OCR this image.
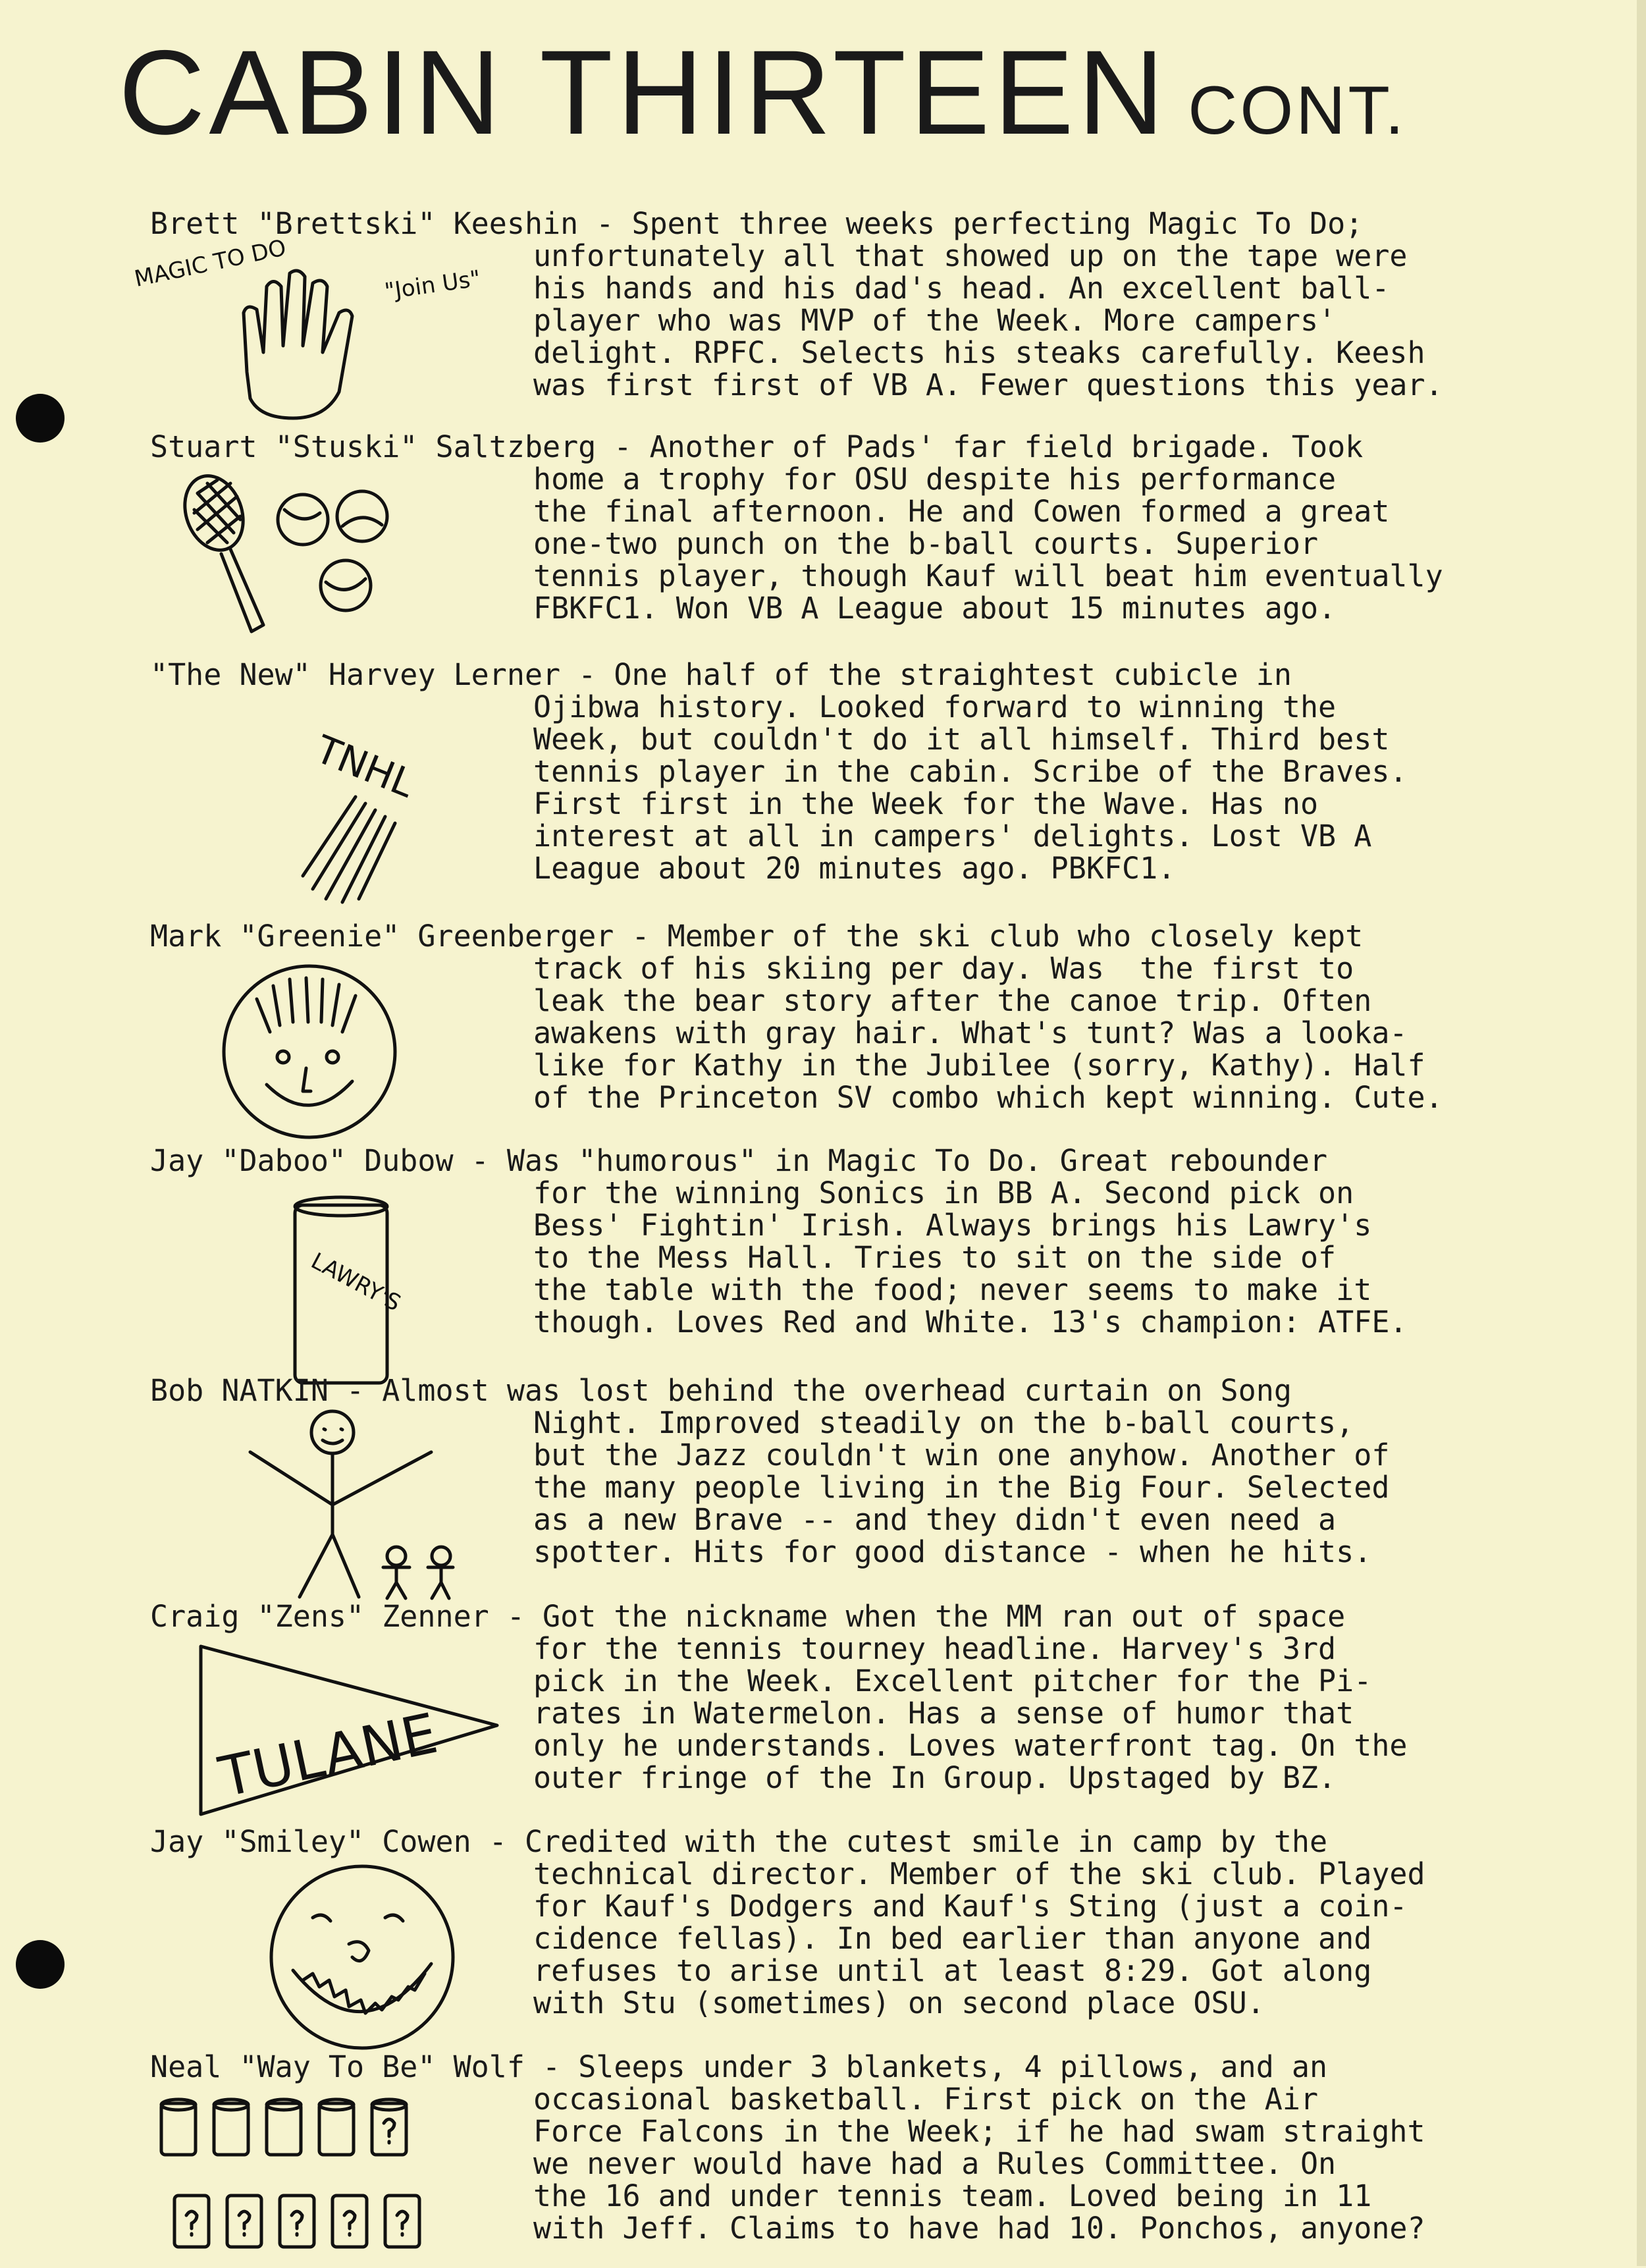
CABIN THIRTEEN CONT.
Brett "Brettski" Keeshin - Spent three weeks perfecting Magic To Do;
unfortunately all that showed up on the tape were
his hands and his dad's head. An excellent ball-
player who was MVP of the Week. More campers'
delight. RPFC. Selects his steaks carefully. Keesh
was first first of VB A. Fewer questions this year.
MAGIC TO DO	"Join Us"
Stuart "Stuski" Saltzberg - Another of Pads' far field brigade. Took
home a trophy for OSU despite his performance
the final afternoon. He and Cowen formed a great
one-two punch on the b-ball courts. Superior
tennis player, though Kauf will beat him eventually
FBKFC1. Won VB A League about 15 minutes ago.
"The New" Harvey Lerner - One half of the straightest cubicle in
Ojibwa history. Looked forward to winning the
Week, but couldn't do it all himself. Third best
tennis player in the cabin. Scribe of the Braves.
First first in the Week for the Wave. Has no
interest at all in campers' delights. Lost VB A
League about 20 minutes ago. PBKFC1.
TNHL
Mark "Greenie" Greenberger - Member of the ski club who closely kept
track of his skiing per day. Was  the first to
leak the bear story after the canoe trip. Often
awakens with gray hair. What's tunt? Was a looka-
like for Kathy in the Jubilee (sorry, Kathy). Half
of the Princeton SV combo which kept winning. Cute.
Jay "Daboo" Dubow - Was "humorous" in Magic To Do. Great rebounder
for the winning Sonics in BB A. Second pick on
Bess' Fightin' Irish. Always brings his Lawry's
to the Mess Hall. Tries to sit on the side of
the table with the food; never seems to make it
though. Loves Red and White. 13's champion: ATFE.
LAWRY'S
Bob NATKIN - Almost was lost behind the overhead curtain on Song
Night. Improved steadily on the b-ball courts,
but the Jazz couldn't win one anyhow. Another of
the many people living in the Big Four. Selected
as a new Brave -- and they didn't even need a
spotter. Hits for good distance - when he hits.
Craig "Zens" Zenner - Got the nickname when the MM ran out of space
for the tennis tourney headline. Harvey's 3rd
pick in the Week. Excellent pitcher for the Pi-
rates in Watermelon. Has a sense of humor that
only he understands. Loves waterfront tag. On the
outer fringe of the In Group. Upstaged by BZ.
TULANE
Jay "Smiley" Cowen - Credited with the cutest smile in camp by the
technical director. Member of the ski club. Played
for Kauf's Dodgers and Kauf's Sting (just a coin-
cidence fellas). In bed earlier than anyone and
refuses to arise until at least 8:29. Got along
with Stu (sometimes) on second place OSU.
Neal "Way To Be" Wolf - Sleeps under 3 blankets, 4 pillows, and an
occasional basketball. First pick on the Air
Force Falcons in the Week; if he had swam straight
we never would have had a Rules Committee. On
the 16 and under tennis team. Loved being in 11
with Jeff. Claims to have had 10. Ponchos, anyone?
